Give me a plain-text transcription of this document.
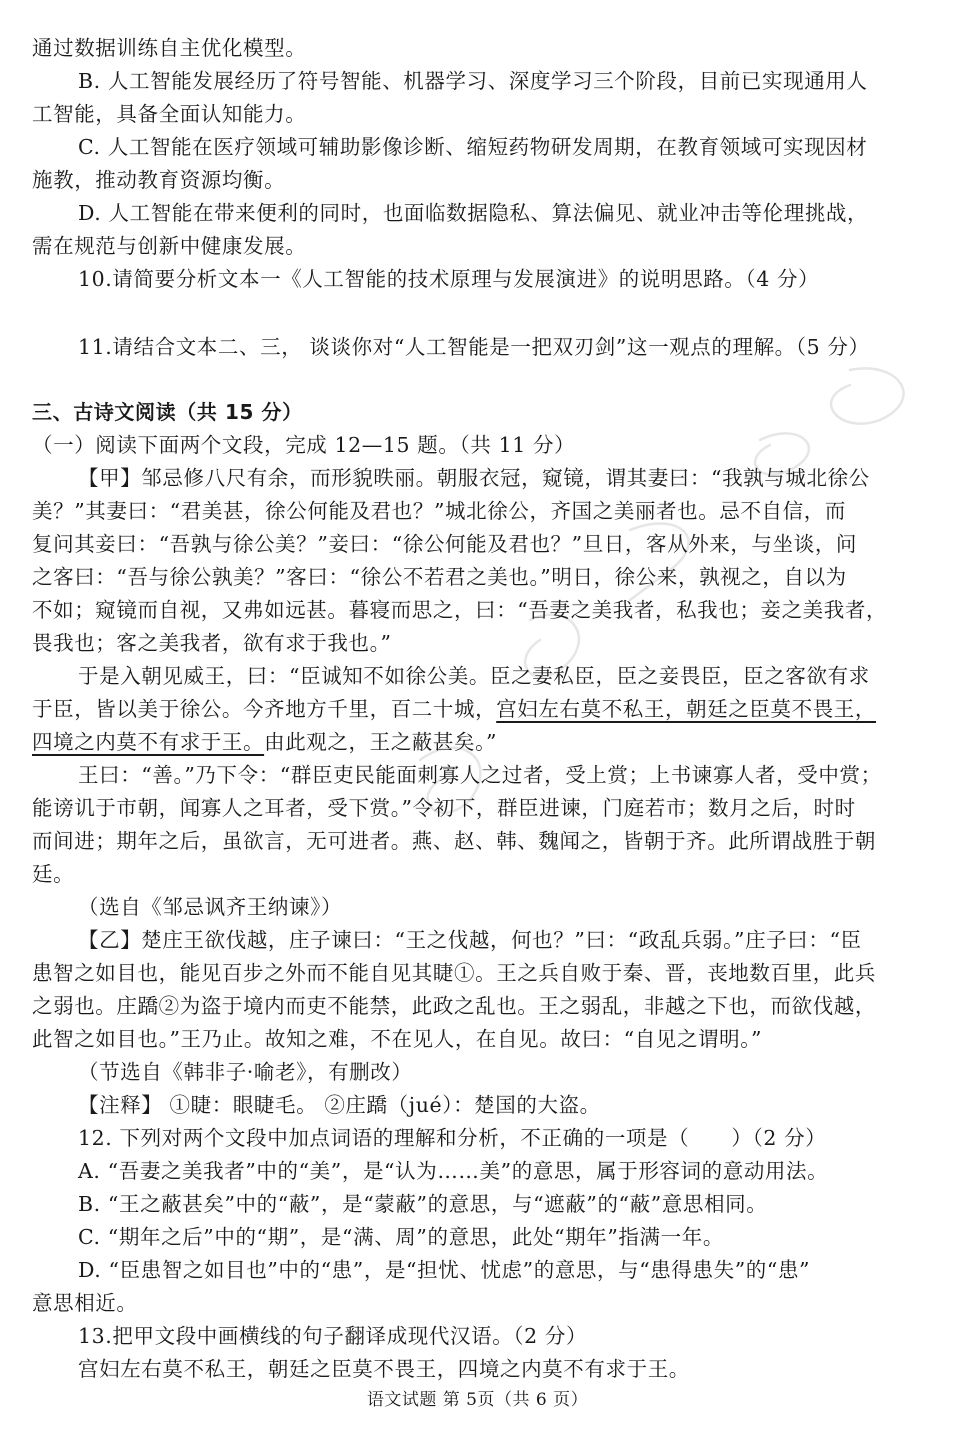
通过数据训练自主优化模型。
B. 人工智能发展经历了符号智能、机器学习、深度学习三个阶段，目前已实现通用人
工智能，具备全面认知能力。
C. 人工智能在医疗领域可辅助影像诊断、缩短药物研发周期，在教育领域可实现因材
施教，推动教育资源均衡。
D. 人工智能在带来便利的同时，也面临数据隐私、算法偏见、就业冲击等伦理挑战，
需在规范与创新中健康发展。
10.请简要分析文本一《人工智能的技术原理与发展演进》的说明思路。（4 分）
11.请结合文本二、三， 谈谈你对“人工智能是一把双刃剑”这一观点的理解。（5 分）
三、古诗文阅读（共 15 分）
（一）阅读下面两个文段，完成 12—15 题。（共 11 分）
【甲】邹忌修八尺有余，而形貌昳丽。朝服衣冠，窥镜，谓其妻曰：“我孰与城北徐公
美？”其妻曰：“君美甚，徐公何能及君也？”城北徐公，齐国之美丽者也。忌不自信，而
复问其妾曰：“吾孰与徐公美？”妾曰：“徐公何能及君也？”旦日，客从外来，与坐谈，问
之客曰：“吾与徐公孰美？”客曰：“徐公不若君之美也。”明日，徐公来，孰视之，自以为
不如；窥镜而自视，又弗如远甚。暮寝而思之，曰：“吾妻之美我者，私我也；妾之美我者，
畏我也；客之美我者，欲有求于我也。”
于是入朝见威王，曰：“臣诚知不如徐公美。臣之妻私臣，臣之妾畏臣，臣之客欲有求
于臣，皆以美于徐公。今齐地方千里，百二十城，宫妇左右莫不私王，朝廷之臣莫不畏王，
四境之内莫不有求于王。由此观之，王之蔽甚矣。”
王曰：“善。”乃下令：“群臣吏民能面刺寡人之过者，受上赏；上书谏寡人者，受中赏；
能谤讥于市朝，闻寡人之耳者，受下赏。”令初下，群臣进谏，门庭若市；数月之后，时时
而间进；期年之后，虽欲言，无可进者。燕、赵、韩、魏闻之，皆朝于齐。此所谓战胜于朝
廷。
（选自《邹忌讽齐王纳谏》）
【乙】楚庄王欲伐越，庄子谏曰：“王之伐越，何也？”曰：“政乱兵弱。”庄子曰：“臣
患智之如目也，能见百步之外而不能自见其睫①。王之兵自败于秦、晋，丧地数百里，此兵
之弱也。庄蹻②为盗于境内而吏不能禁，此政之乱也。王之弱乱，非越之下也，而欲伐越，
此智之如目也。”王乃止。故知之难，不在见人，在自见。故曰：“自见之谓明。”
（节选自《韩非子·喻老》，有删改）
【注释】 ①睫：眼睫毛。 ②庄蹻（jué）：楚国的大盗。
12. 下列对两个文段中加点词语的理解和分析，不正确的一项是（　　）（2 分）
A. “吾妻之美我者”中的“美”，是“认为……美”的意思，属于形容词的意动用法。
B. “王之蔽甚矣”中的“蔽”，是“蒙蔽”的意思，与“遮蔽”的“蔽”意思相同。
C. “期年之后”中的“期”，是“满、周”的意思，此处“期年”指满一年。
D. “臣患智之如目也”中的“患”，是“担忧、忧虑”的意思，与“患得患失”的“患”
意思相近。
13.把甲文段中画横线的句子翻译成现代汉语。（2 分）
宫妇左右莫不私王，朝廷之臣莫不畏王，四境之内莫不有求于王。
语文试题 第 5页（共 6 页）
